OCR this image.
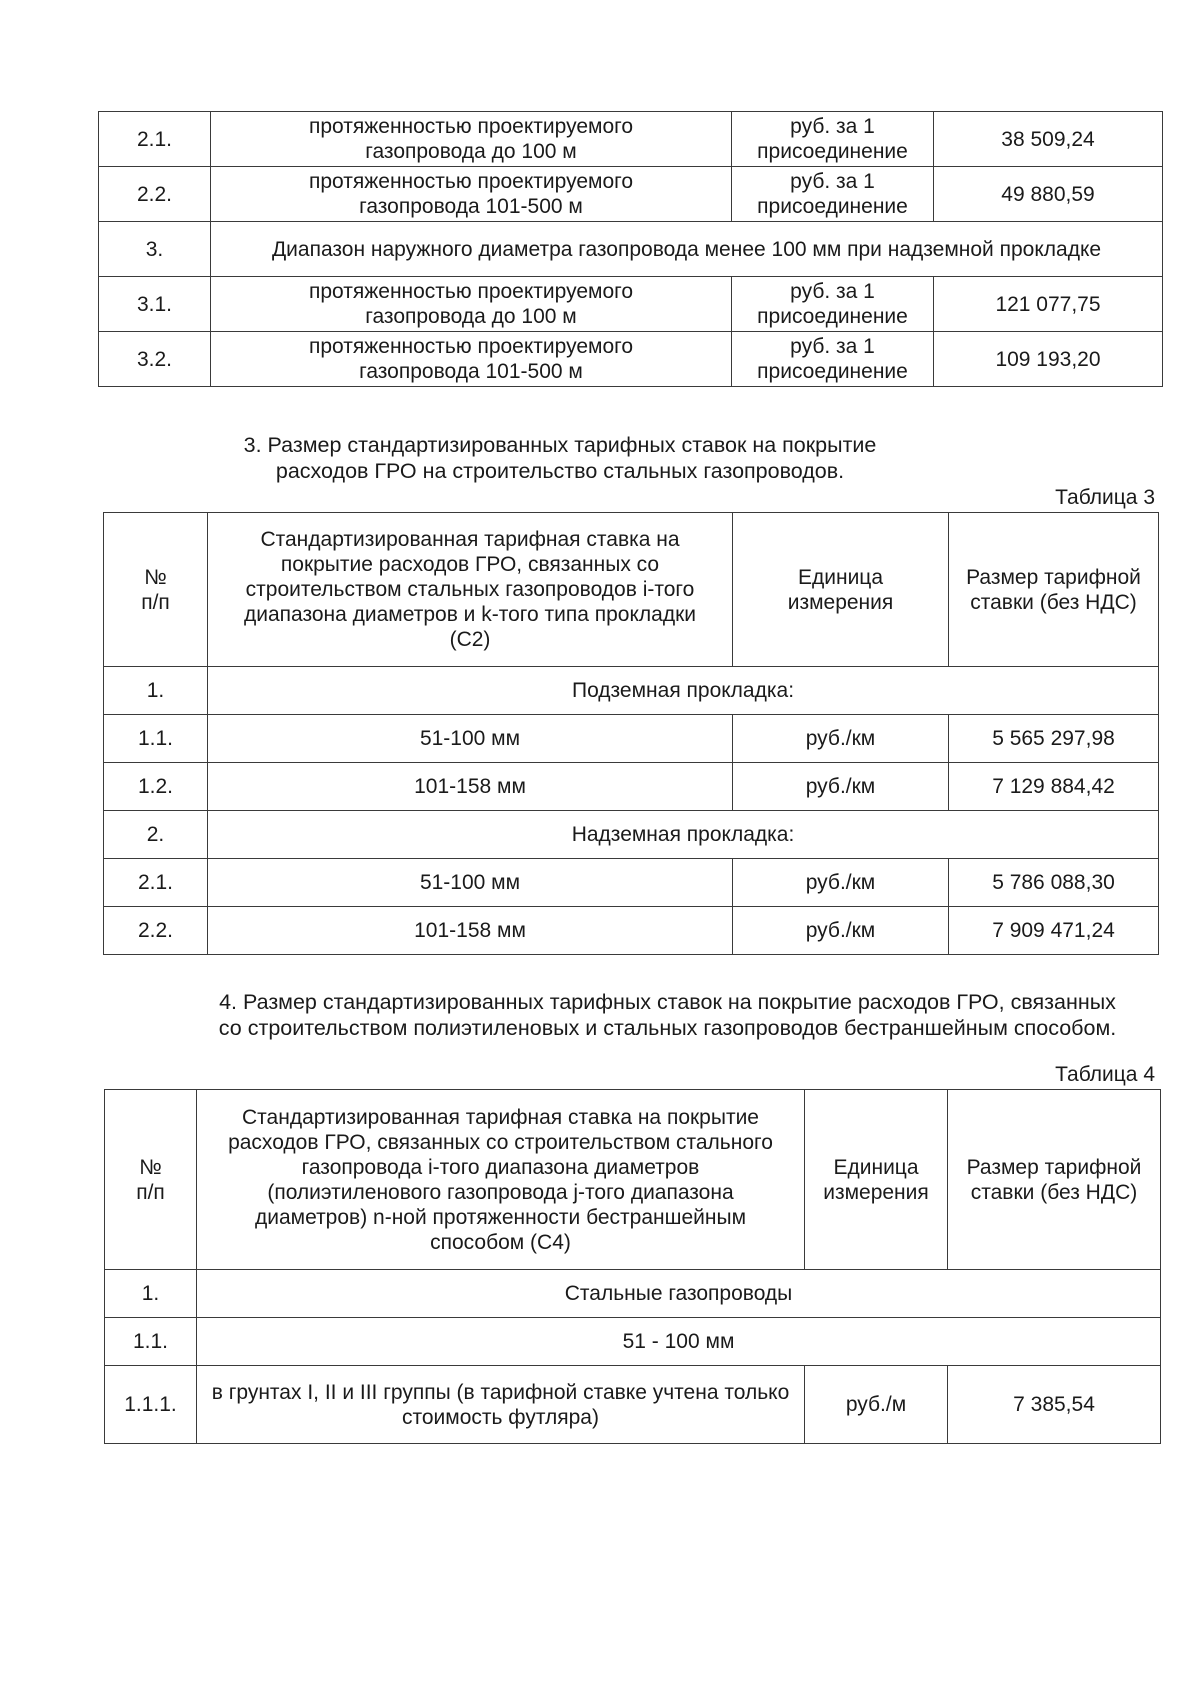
2.1.	протяженностью проектируемого газопровода до 100 м	руб. за 1 присоединение	38 509,24
2.2.	протяженностью проектируемого газопровода 101-500 м	руб. за 1 присоединение	49 880,59
3.	Диапазон наружного диаметра газопровода менее 100 мм при надземной прокладке		
3.1.	протяженностью проектируемого газопровода до 100 м	руб. за 1 присоединение	121 077,75
3.2.	протяженностью проектируемого газопровода 101-500 м	руб. за 1 присоединение	109 193,20
3. Размер стандартизированных тарифных ставок на покрытие расходов ГРО на строительство стальных газопроводов.
Таблица 3
№ п/п	Стандартизированная тарифная ставка на покрытие расходов ГРО, связанных со строительством стальных газопроводов i-того диапазона диаметров и k-того типа прокладки (С2)	Единица измерения	Размер тарифной ставки (без НДС)
1.	Подземная прокладка:		
1.1.	51-100 мм	руб./км	5 565 297,98
1.2.	101-158 мм	руб./км	7 129 884,42
2.	Надземная прокладка:		
2.1.	51-100 мм	руб./км	5 786 088,30
2.2.	101-158 мм	руб./км	7 909 471,24
4. Размер стандартизированных тарифных ставок на покрытие расходов ГРО, связанных со строительством полиэтиленовых и стальных газопроводов бестраншейным способом.
Таблица 4
№ п/п	Стандартизированная тарифная ставка на покрытие расходов ГРО, связанных со строительством стального газопровода i-того диапазона диаметров (полиэтиленового газопровода j-того диапазона диаметров) n-ной протяженности бестраншейным способом (С4)	Единица измерения	Размер тарифной ставки (без НДС)
1.	Стальные газопроводы		
1.1.	51 - 100 мм		
1.1.1.	в грунтах I, II и III группы (в тарифной ставке учтена только стоимость футляра)	руб./м	7 385,54
